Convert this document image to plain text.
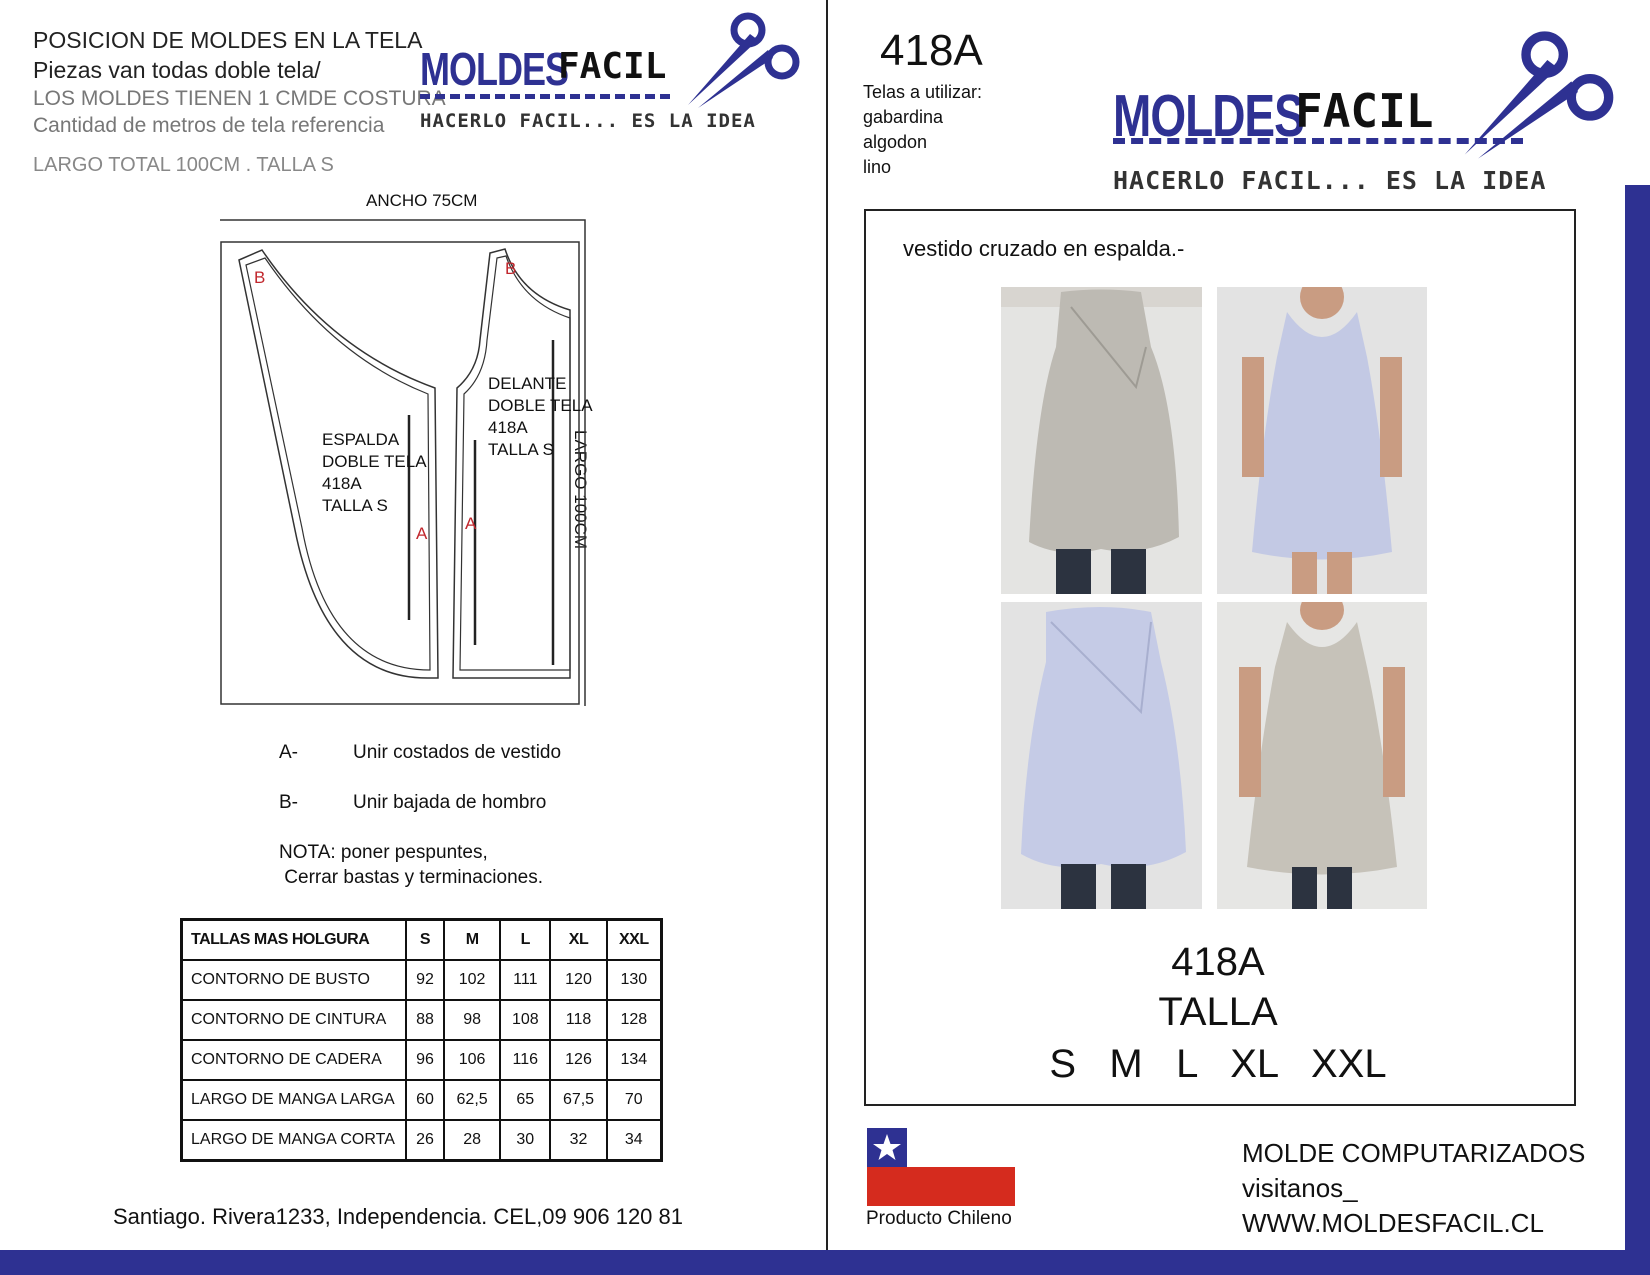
POSICION DE MOLDES EN LA TELA
Piezas van todas doble tela/
LOS MOLDES TIENEN 1 CMDE COSTURA
Cantidad de metros de tela referencia
LARGO TOTAL 100CM . TALLA S
MOLDES
FACIL
HACERLO FACIL... ES LA IDEA
ANCHO 75CM
LARGO 100CM
B	B
A
A
ESPALDA
DOBLE TELA
418A
TALLA S
DELANTE
DOBLE TELA
418A
TALLA S
A-	Unir costados de vestido
B-	Unir bajada de hombro
NOTA: poner pespuntes,
Cerrar bastas y terminaciones.
TALLAS MAS HOLGURA	S	M	L	XL	XXL
CONTORNO DE BUSTO	92	102	111	120	130
CONTORNO DE CINTURA	88	98	108	118	128
CONTORNO DE CADERA	96	106	116	126	134
LARGO DE MANGA LARGA	60	62,5	65	67,5	70
LARGO DE MANGA CORTA	26	28	30	32	34
Santiago. Rivera1233, Independencia. CEL,09 906 120 81
418A
Telas a utilizar:
gabardina
algodon
lino
MOLDES
FACIL
HACERLO FACIL... ES LA IDEA
vestido cruzado en espalda.-
418A
TALLA
S   M   L   XL   XXL
Producto Chileno
MOLDE COMPUTARIZADOS
visitanos_
WWW.MOLDESFACIL.CL
